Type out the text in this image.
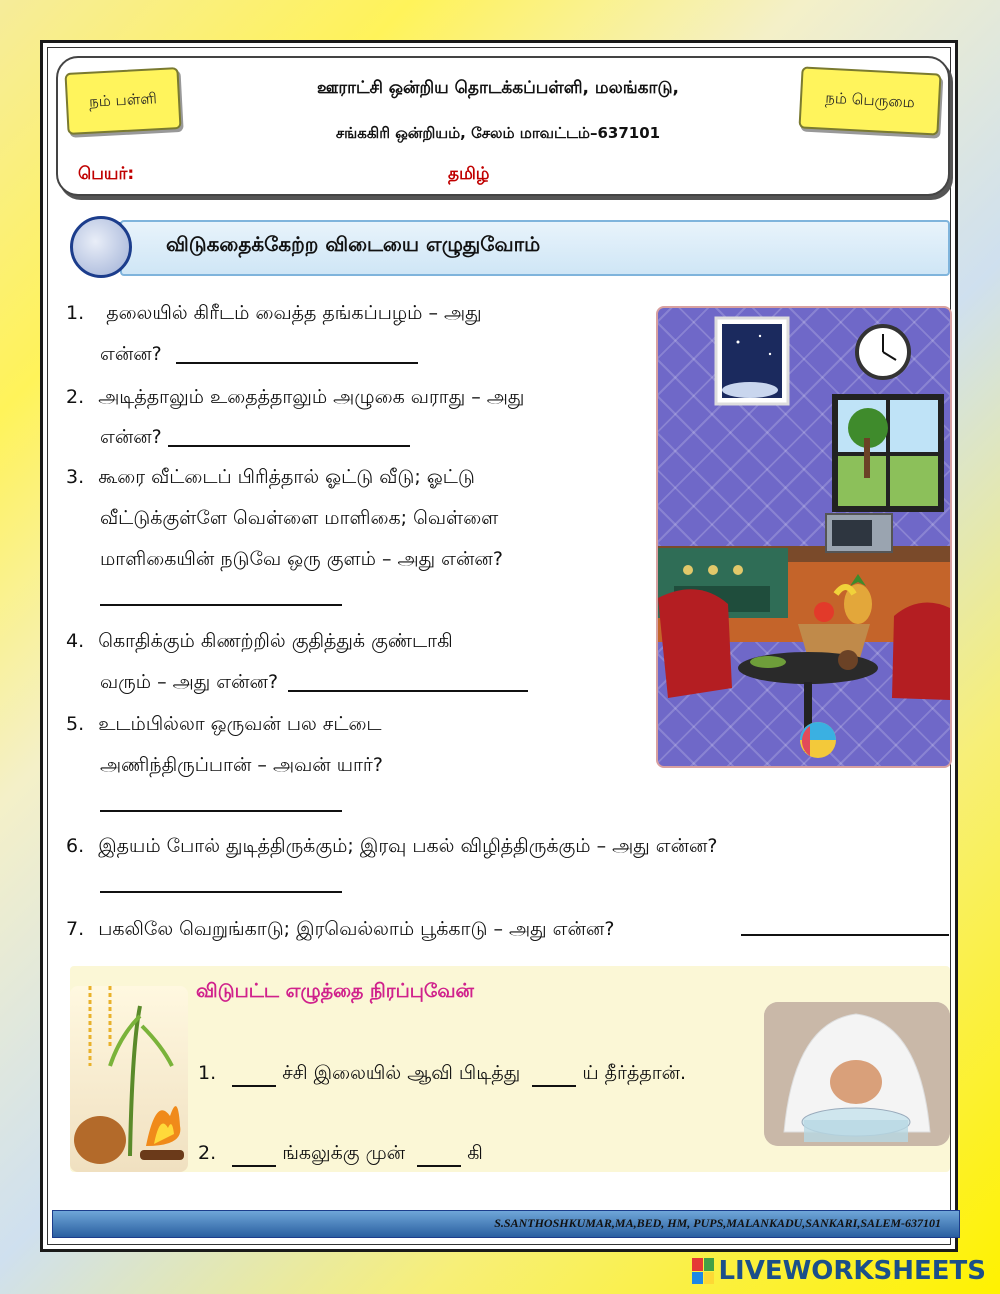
நம் பள்ளி
ஊராட்சி ஒன்றிய தொடக்கப்பள்ளி, மலங்காடு,
சங்ககிரி ஒன்றியம், சேலம் மாவட்டம்–637101
நம் பெருமை
பெயர்:	தமிழ்
விடுகதைக்கேற்ற விடையை எழுதுவோம்
1. தலையில் கிரீடம் வைத்த தங்கப்பழம் – அது
என்ன?
2. அடித்தாலும் உதைத்தாலும் அழுகை வராது – அது
என்ன?
3. கூரை வீட்டைப் பிரித்தால் ஓட்டு வீடு; ஓட்டு
வீட்டுக்குள்ளே வெள்ளை மாளிகை; வெள்ளை
மாளிகையின் நடுவே ஒரு குளம் – அது என்ன?
4. கொதிக்கும் கிணற்றில் குதித்துக் குண்டாகி
வரும் – அது என்ன?
5. உடம்பில்லா ஒருவன் பல சட்டை
அணிந்திருப்பான் – அவன் யார்?
6. இதயம் போல் துடித்திருக்கும்; இரவு பகல் விழித்திருக்கும் – அது என்ன?
7. பகலிலே வெறுங்காடு; இரவெல்லாம் பூக்காடு – அது என்ன?
விடுபட்ட எழுத்தை நிரப்புவேன்
1.	ச்சி இலையில் ஆவி பிடித்து	ய் தீர்த்தான்.
2.	ங்கலுக்கு முன்	கி
S.SANTHOSHKUMAR,MA,BED, HM, PUPS,MALANKADU,SANKARI,SALEM-637101
LIVEWORKSHEETS
